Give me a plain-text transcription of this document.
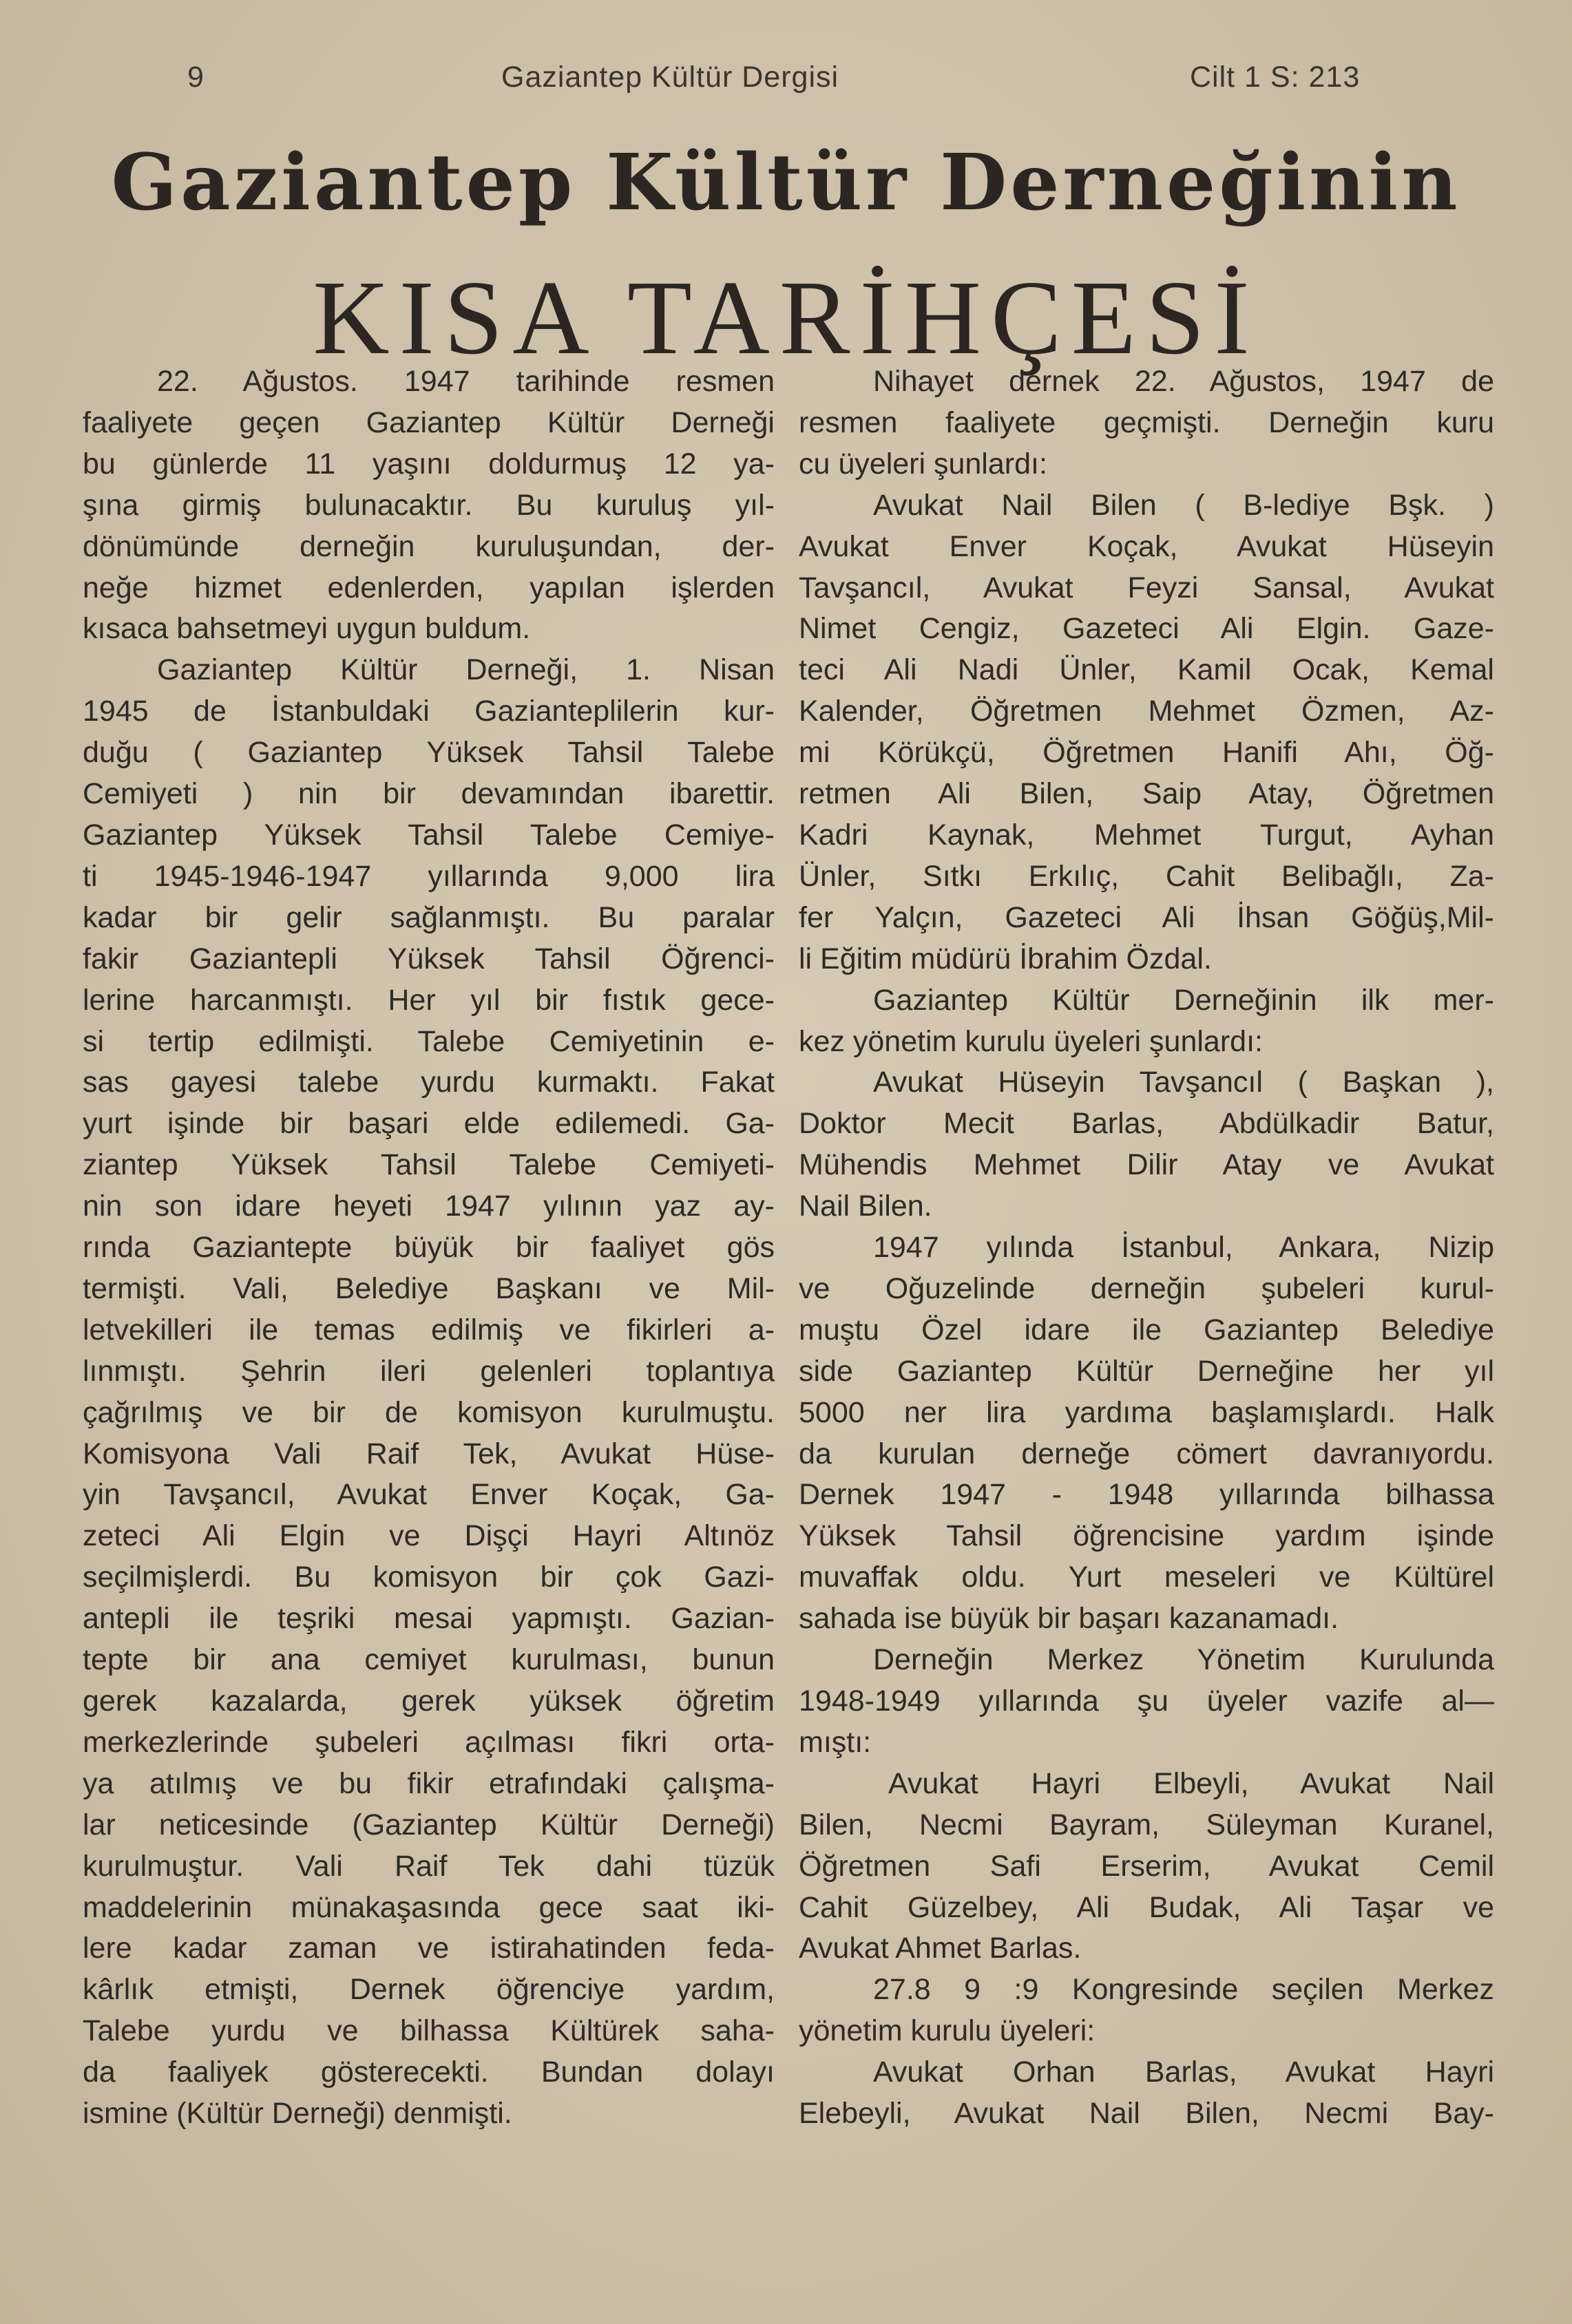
9	Gaziantep Kültür Dergisi	Cilt 1 S: 213
Gaziantep Kültür Derneğinin
KISA TARİHÇESİ
22. Ağustos. 1947 tarihinde resmen
faaliyete geçen Gaziantep Kültür Derneği
bu günlerde 11 yaşını doldurmuş 12 ya-
şına girmiş bulunacaktır. Bu kuruluş yıl-
dönümünde derneğin kuruluşundan, der-
neğe hizmet edenlerden, yapılan işlerden
kısaca bahsetmeyi uygun buldum.
Gaziantep Kültür Derneği, 1. Nisan
1945 de İstanbuldaki Gazianteplilerin kur-
duğu ( Gaziantep Yüksek Tahsil Talebe
Cemiyeti ) nin bir devamından ibarettir.
Gaziantep Yüksek Tahsil Talebe Cemiye-
ti 1945-1946-1947 yıllarında 9,000 lira
kadar bir gelir sağlanmıştı. Bu paralar
fakir Gaziantepli Yüksek Tahsil Öğrenci-
lerine harcanmıştı. Her yıl bir fıstık gece-
si tertip edilmişti. Talebe Cemiyetinin e-
sas gayesi talebe yurdu kurmaktı. Fakat
yurt işinde bir başari elde edilemedi. Ga-
ziantep Yüksek Tahsil Talebe Cemiyeti-
nin son idare heyeti 1947 yılının yaz ay-
rında Gaziantepte büyük bir faaliyet gös
termişti. Vali, Belediye Başkanı ve Mil-
letvekilleri ile temas edilmiş ve fikirleri a-
lınmıştı. Şehrin ileri gelenleri toplantıya
çağrılmış ve bir de komisyon kurulmuştu.
Komisyona Vali Raif Tek, Avukat Hüse-
yin Tavşancıl, Avukat Enver Koçak, Ga-
zeteci Ali Elgin ve Dişçi Hayri Altınöz
seçilmişlerdi. Bu komisyon bir çok Gazi-
antepli ile teşriki mesai yapmıştı. Gazian-
tepte bir ana cemiyet kurulması, bunun
gerek kazalarda, gerek yüksek öğretim
merkezlerinde şubeleri açılması fikri orta-
ya atılmış ve bu fikir etrafındaki çalışma-
lar neticesinde (Gaziantep Kültür Derneği)
kurulmuştur. Vali Raif Tek dahi tüzük
maddelerinin münakaşasında gece saat iki-
lere kadar zaman ve istirahatinden feda-
kârlık etmişti, Dernek öğrenciye yardım,
Talebe yurdu ve bilhassa Kültürek saha-
da faaliyek gösterecekti. Bundan dolayı
ismine (Kültür Derneği) denmişti.
Nihayet dernek 22. Ağustos, 1947 de
resmen faaliyete geçmişti. Derneğin kuru
cu üyeleri şunlardı:
Avukat Nail Bilen ( B-lediye Bşk. )
Avukat Enver Koçak, Avukat Hüseyin
Tavşancıl, Avukat Feyzi Sansal, Avukat
Nimet Cengiz, Gazeteci Ali Elgin. Gaze-
teci Ali Nadi Ünler, Kamil Ocak, Kemal
Kalender, Öğretmen Mehmet Özmen, Az-
mi Körükçü, Öğretmen Hanifi Ahı, Öğ-
retmen Ali Bilen, Saip Atay, Öğretmen
Kadri Kaynak, Mehmet Turgut, Ayhan
Ünler, Sıtkı Erkılıç, Cahit Belibağlı, Za-
fer Yalçın, Gazeteci Ali İhsan Göğüş,Mil-
li Eğitim müdürü İbrahim Özdal.
Gaziantep Kültür Derneğinin ilk mer-
kez yönetim kurulu üyeleri şunlardı:
Avukat Hüseyin Tavşancıl ( Başkan ),
Doktor Mecit Barlas, Abdülkadir Batur,
Mühendis Mehmet Dilir Atay ve Avukat
Nail Bilen.
1947 yılında İstanbul, Ankara, Nizip
ve Oğuzelinde derneğin şubeleri kurul-
muştu Özel idare ile Gaziantep Belediye
side Gaziantep Kültür Derneğine her yıl
5000 ner lira yardıma başlamışlardı. Halk
da kurulan derneğe cömert davranıyordu.
Dernek 1947 - 1948 yıllarında bilhassa
Yüksek Tahsil öğrencisine yardım işinde
muvaffak oldu. Yurt meseleri ve Kültürel
sahada ise büyük bir başarı kazanamadı.
Derneğin Merkez Yönetim Kurulunda
1948-1949 yıllarında şu üyeler vazife al—
mıştı:
Avukat Hayri Elbeyli, Avukat Nail
Bilen, Necmi Bayram, Süleyman Kuranel,
Öğretmen Safi Erserim, Avukat Cemil
Cahit Güzelbey, Ali Budak, Ali Taşar ve
Avukat Ahmet Barlas.
27.8 9 :9 Kongresinde seçilen Merkez
yönetim kurulu üyeleri:
Avukat Orhan Barlas, Avukat Hayri
Elebeyli, Avukat Nail Bilen, Necmi Bay-
